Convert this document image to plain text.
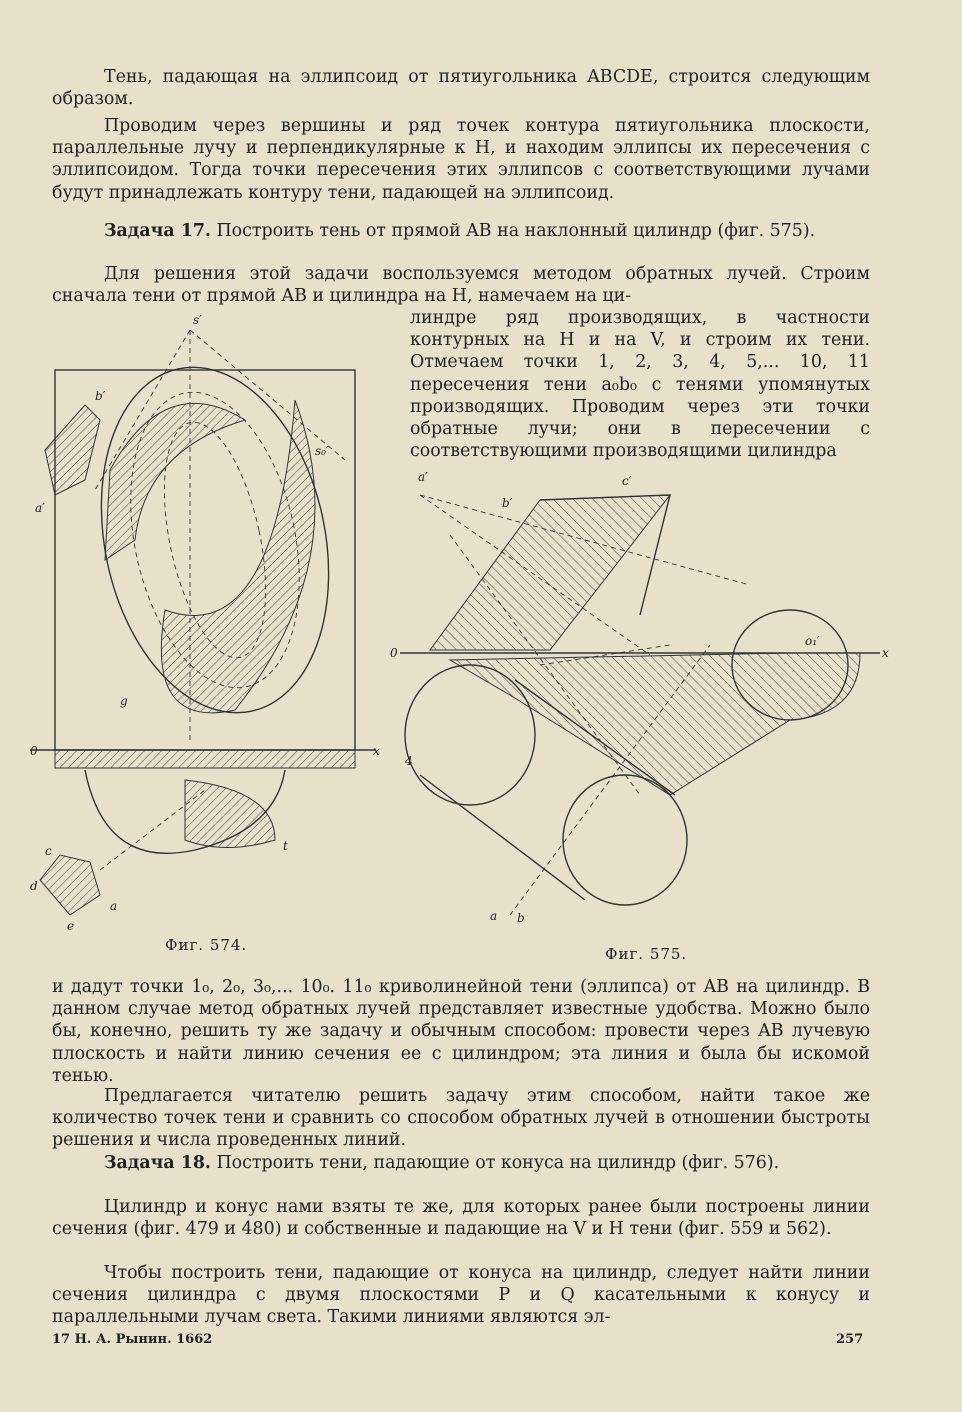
Тень, падающая на эллипсоид от пятиугольника ABCDE, строится следующим образом.

Проводим через вершины и ряд точек контура пятиугольника плоскости, параллельные лучу и перпендикулярные к H, и находим эллипсы их пересечения с эллипсоидом. Тогда точки пересечения этих эллипсов с соответствующими лучами будут принадлежать контуру тени, падающей на эллипсоид.

Задача 17. Построить тень от прямой AB на наклонный цилиндр (фиг. 575).

Для решения этой задачи воспользуемся методом обратных лучей. Строим сначала тени от прямой AB и цилиндра на H, намечаем на ци-

линдре ряд производящих, в частности контурных на H и на V, и строим их тени. Отмечаем точки 1, 2, 3, 4, 5,... 10, 11 пересечения тени a₀b₀ с тенями упомянутых производящих. Проводим через эти точки обратные лучи; они в пересечении с соответствующими производящими цилиндра

0	x
s′
b′
a′
g
s₀′
c
d
e
a
t
0	x
a′	c′
b′
o₁′
4
a b
Фиг. 574.	Фиг. 575.

и дадут точки 1₀, 2₀, 3₀,... 10₀. 11₀ криволинейной тени (эллипса) от AB на цилиндр. В данном случае метод обратных лучей представляет известные удобства. Можно было бы, конечно, решить ту же задачу и обычным способом: провести через AB лучевую плоскость и найти линию сечения ее с цилиндром; эта линия и была бы искомой тенью.

Предлагается читателю решить задачу этим способом, найти такое же количество точек тени и сравнить со способом обратных лучей в отношении быстроты решения и числа проведенных линий.

Задача 18. Построить тени, падающие от конуса на цилиндр (фиг. 576).

Цилиндр и конус нами взяты те же, для которых ранее были построены линии сечения (фиг. 479 и 480) и собственные и падающие на V и H тени (фиг. 559 и 562).

Чтобы построить тени, падающие от конуса на цилиндр, следует найти линии сечения цилиндра с двумя плоскостями P и Q касательными к конусу и параллельными лучам света. Такими линиями являются эл-

17 Н. А. Рынин. 1662	257
